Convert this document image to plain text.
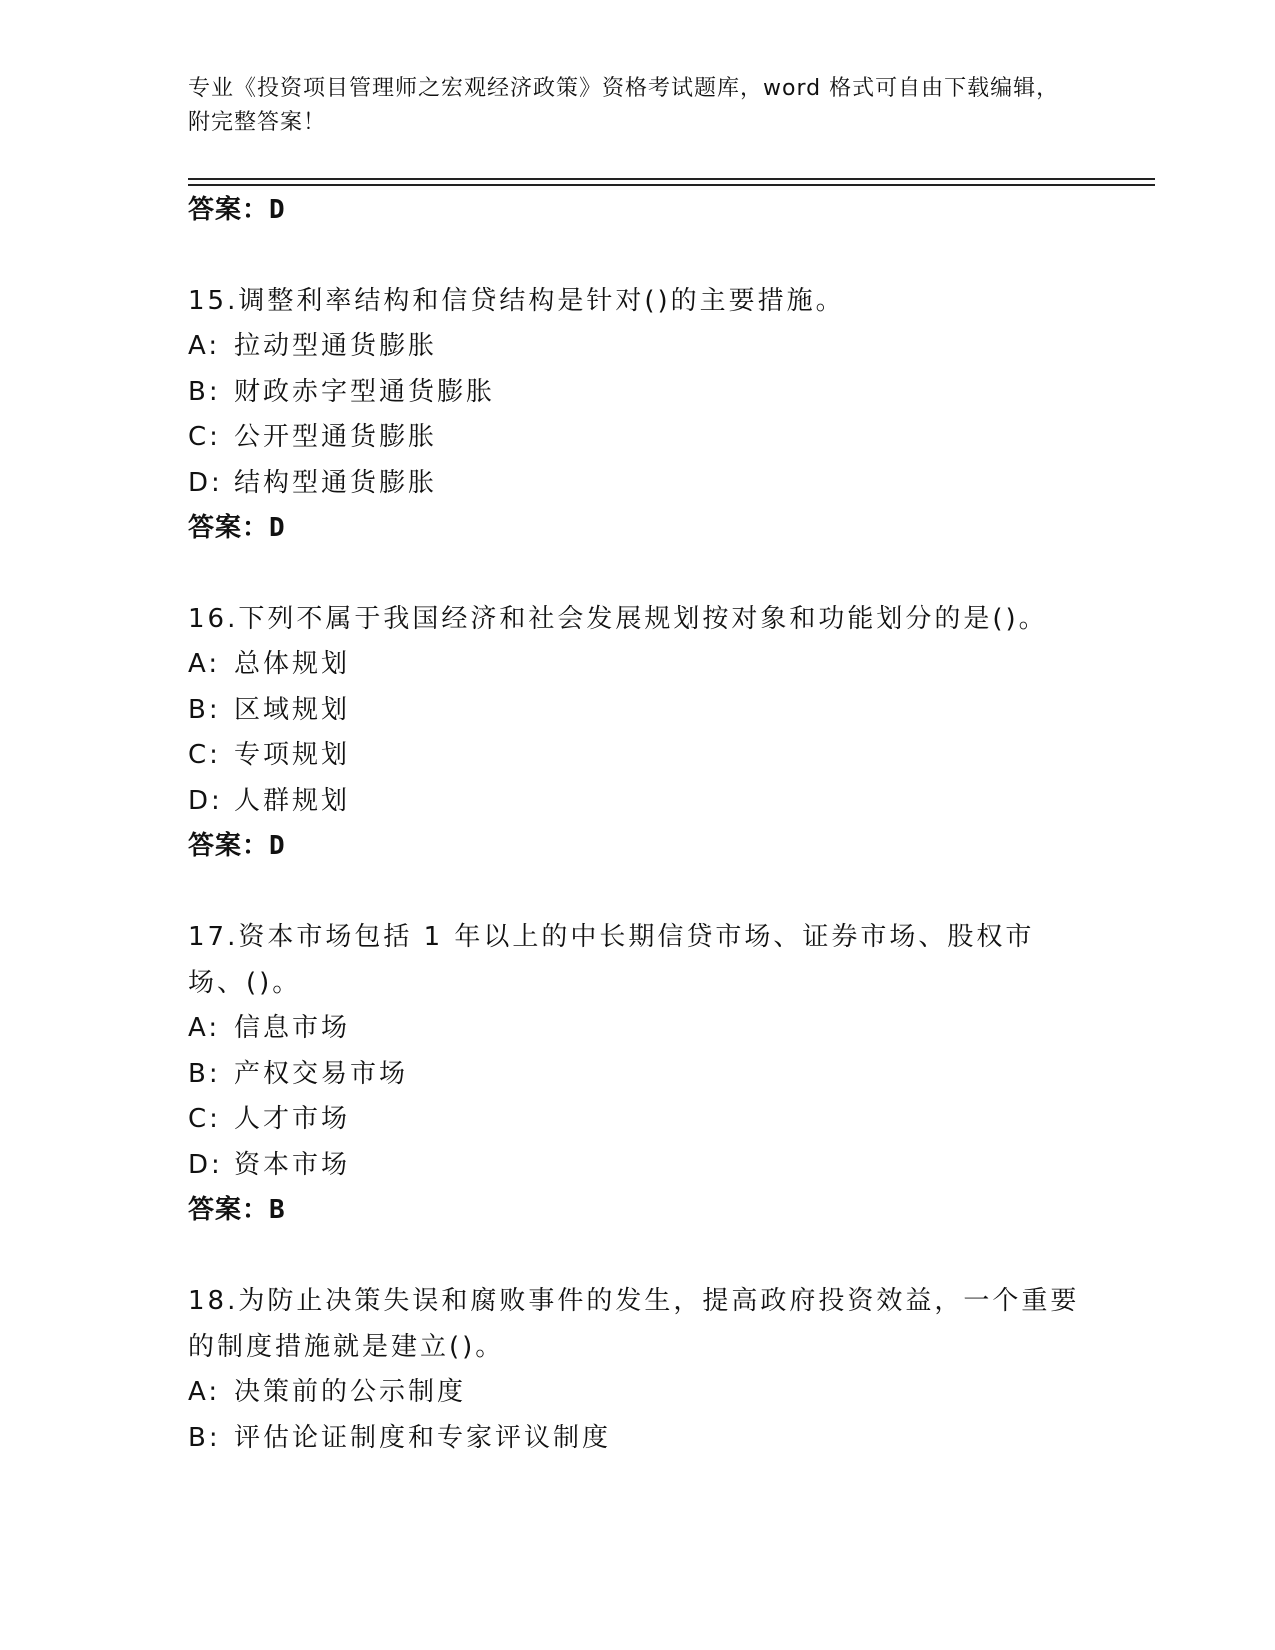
专业《投资项目管理师之宏观经济政策》资格考试题库，word 格式可自由下载编辑，附完整答案！
答案：D
15.调整利率结构和信贷结构是针对()的主要措施。
A: 拉动型通货膨胀
B: 财政赤字型通货膨胀
C: 公开型通货膨胀
D: 结构型通货膨胀
答案：D
16.下列不属于我国经济和社会发展规划按对象和功能划分的是()。
A: 总体规划
B: 区域规划
C: 专项规划
D: 人群规划
答案：D
17.资本市场包括 1 年以上的中长期信贷市场、证券市场、股权市场、()。
A: 信息市场
B: 产权交易市场
C: 人才市场
D: 资本市场
答案：B
18.为防止决策失误和腐败事件的发生，提高政府投资效益，一个重要的制度措施就是建立()。
A: 决策前的公示制度
B: 评估论证制度和专家评议制度
